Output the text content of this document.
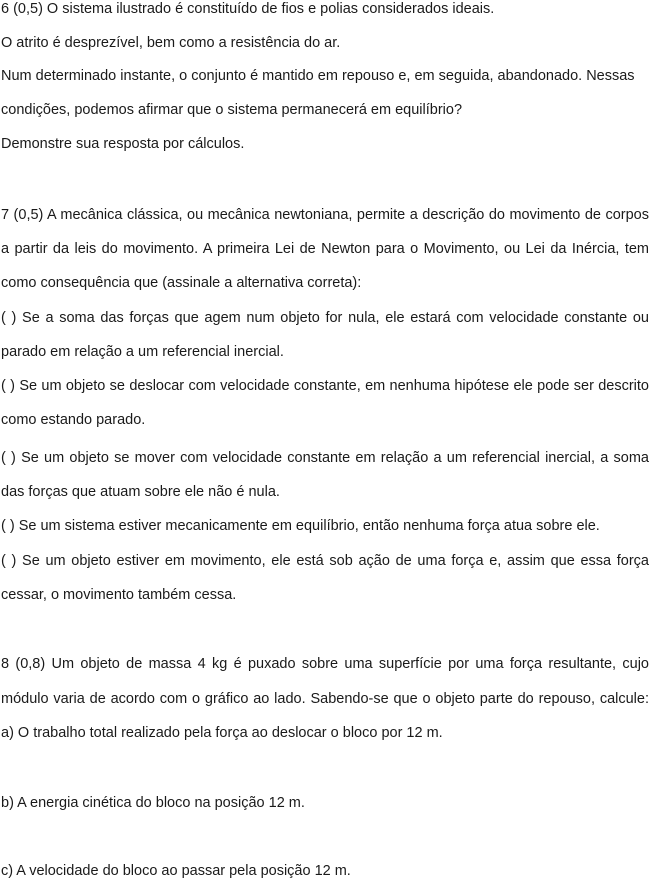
6 (0,5) O sistema ilustrado é constituído de fios e polias considerados ideais.
O atrito é desprezível, bem como a resistência do ar.
Num determinado instante, o conjunto é mantido em repouso e, em seguida, abandonado. Nessas
condições, podemos afirmar que o sistema permanecerá em equilíbrio?
Demonstre sua resposta por cálculos.
7 (0,5) A mecânica clássica, ou mecânica newtoniana, permite a descrição do movimento de corpos
a partir da leis do movimento. A primeira Lei de Newton para o Movimento, ou Lei da Inércia, tem
como consequência que (assinale a alternativa correta):
( ) Se a soma das forças que agem num objeto for nula, ele estará com velocidade constante ou
parado em relação a um referencial inercial.
( ) Se um objeto se deslocar com velocidade constante, em nenhuma hipótese ele pode ser descrito
como estando parado.
( ) Se um objeto se mover com velocidade constante em relação a um referencial inercial, a soma
das forças que atuam sobre ele não é nula.
( ) Se um sistema estiver mecanicamente em equilíbrio, então nenhuma força atua sobre ele.
( ) Se um objeto estiver em movimento, ele está sob ação de uma força e, assim que essa força
cessar, o movimento também cessa.
8 (0,8) Um objeto de massa 4 kg é puxado sobre uma superfície por uma força resultante, cujo
módulo varia de acordo com o gráfico ao lado. Sabendo-se que o objeto parte do repouso, calcule:
a) O trabalho total realizado pela força ao deslocar o bloco por 12 m.
b) A energia cinética do bloco na posição 12 m.
c) A velocidade do bloco ao passar pela posição 12 m.
